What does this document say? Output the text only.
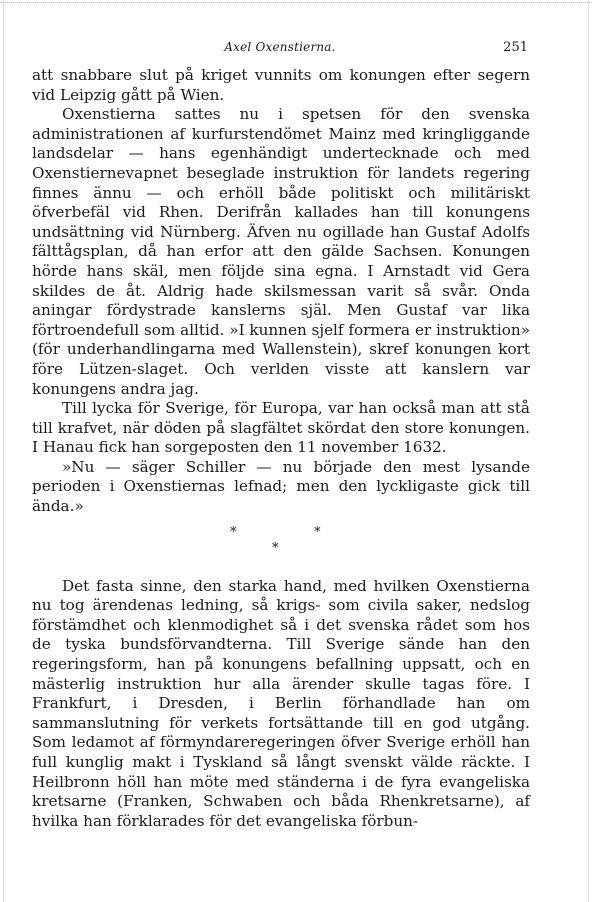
Axel Oxenstierna.	251

att snabbare slut på kriget vunnits om konungen efter segern vid Leipzig gått på Wien.

Oxenstierna sattes nu i spetsen för den svenska administrationen af kurfurstendömet Mainz med kringliggande landsdelar — hans egenhändigt undertecknade och med Oxenstiernevapnet beseglade instruktion för landets regering finnes ännu — och erhöll både politiskt och militäriskt öfverbefäl vid Rhen. Derifrån kallades han till konungens undsättning vid Nürnberg. Äfven nu ogillade han Gustaf Adolfs fälttågsplan, då han erfor att den gälde Sachsen. Konungen hörde hans skäl, men följde sina egna. I Arnstadt vid Gera skildes de åt. Aldrig hade skilsmessan varit så svår. Onda aningar fördystrade kanslerns själ. Men Gustaf var lika förtroendefull som alltid. »I kunnen sjelf formera er instruktion» (för underhandlingarna med Wallenstein), skref konungen kort före Lützen-slaget. Och verlden visste att kanslern var konungens andra jag.

Till lycka för Sverige, för Europa, var han också man att stå till krafvet, när döden på slagfältet skördat den store konungen. I Hanau fick han sorgeposten den 11 november 1632.

»Nu — säger Schiller — nu började den mest lysande perioden i Oxenstiernas lefnad; men den lyckligaste gick till ända.»

*	*
*

Det fasta sinne, den starka hand, med hvilken Oxenstierna nu tog ärendenas ledning, så krigs- som civila saker, nedslog förstämdhet och klenmodighet så i det svenska rådet som hos de tyska bundsförvandterna. Till Sverige sände han den regeringsform, han på konungens befallning uppsatt, och en mästerlig instruktion hur alla ärender skulle tagas före. I Frankfurt, i Dresden, i Berlin förhandlade han om sammanslutning för verkets fortsättande till en god utgång. Som ledamot af förmyndareregeringen öfver Sverige erhöll han full kunglig makt i Tyskland så långt svenskt välde räckte. I Heilbronn höll han möte med ständerna i de fyra evangeliska kretsarne (Franken, Schwaben och båda Rhenkretsarne), af hvilka han förklarades för det evangeliska förbun-
